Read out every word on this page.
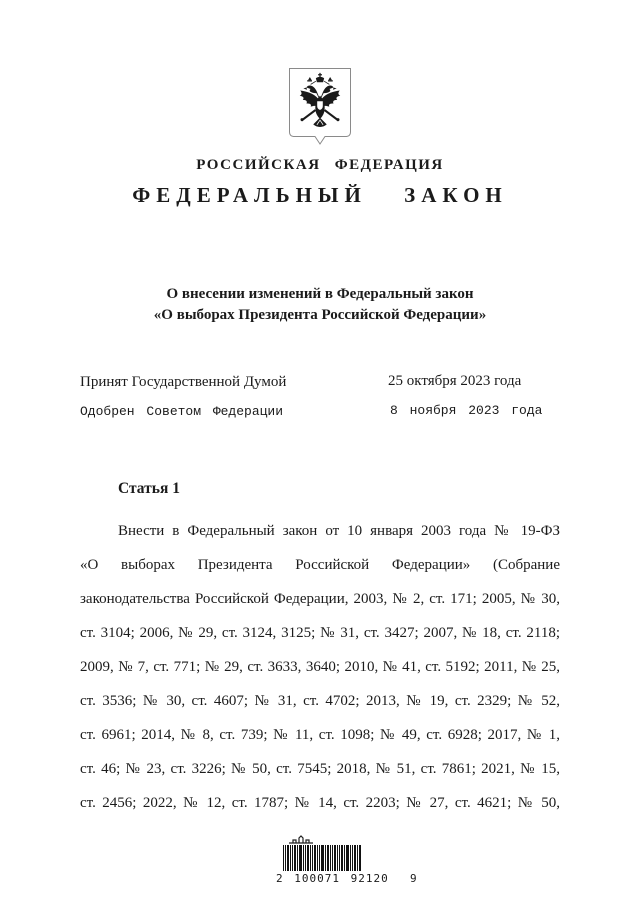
РОССИЙСКАЯ ФЕДЕРАЦИЯ
ФЕДЕРАЛЬНЫЙ ЗАКОН
О внесении изменений в Федеральный закон
«О выборах Президента Российской Федерации»
Принят Государственной Думой	25 октября 2023 года
Одобрен Советом Федерации	8 ноября 2023 года
Статья 1
Внести в Федеральный закон от 10 января 2003 года № 19-ФЗ
«О выборах Президента Российской Федерации» (Собрание
законодательства Российской Федерации, 2003, № 2, ст. 171; 2005, № 30,
ст. 3104; 2006, № 29, ст. 3124, 3125; № 31, ст. 3427; 2007, № 18, ст. 2118;
2009, № 7, ст. 771; № 29, ст. 3633, 3640; 2010, № 41, ст. 5192; 2011, № 25,
ст. 3536; № 30, ст. 4607; № 31, ст. 4702; 2013, № 19, ст. 2329; № 52,
ст. 6961; 2014, № 8, ст. 739; № 11, ст. 1098; № 49, ст. 6928; 2017, № 1,
ст. 46; № 23, ст. 3226; № 50, ст. 7545; 2018, № 51, ст. 7861; 2021, № 15,
ст. 2456; 2022, № 12, ст. 1787; № 14, ст. 2203; № 27, ст. 4621; № 50,
2 100071 92120  9
